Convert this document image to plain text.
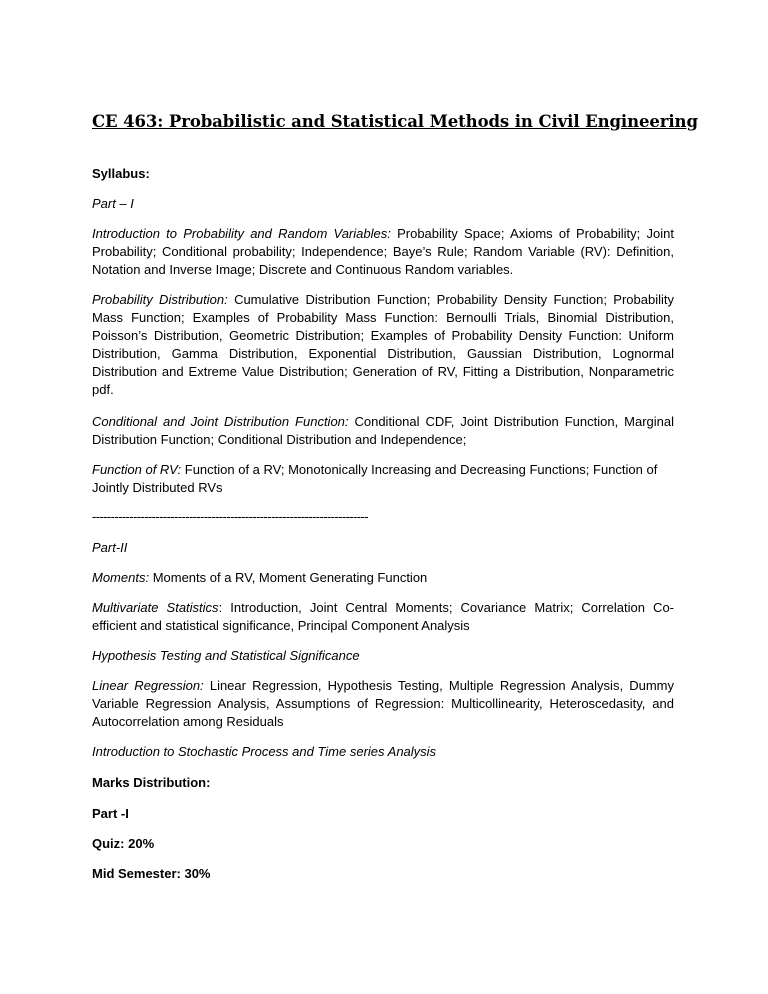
CE 463: Probabilistic and Statistical Methods in Civil Engineering

Syllabus:

Part – I

Introduction to Probability and Random Variables: Probability Space; Axioms of Probability; Joint Probability; Conditional probability; Independence; Baye’s Rule; Random Variable (RV): Definition, Notation and Inverse Image; Discrete and Continuous Random variables.

Probability Distribution: Cumulative Distribution Function; Probability Density Function; Probability Mass Function; Examples of Probability Mass Function: Bernoulli Trials, Binomial Distribution, Poisson’s Distribution, Geometric Distribution; Examples of Probability Density Function: Uniform Distribution, Gamma Distribution, Exponential Distribution, Gaussian Distribution, Lognormal Distribution and Extreme Value Distribution; Generation of RV, Fitting a Distribution, Nonparametric pdf.

Conditional and Joint Distribution Function: Conditional CDF, Joint Distribution Function, Marginal Distribution Function; Conditional Distribution and Independence;

Function of RV: Function of a RV; Monotonically Increasing and Decreasing Functions; Function of Jointly Distributed RVs

--------------------------------------------------------------------------

Part-II

Moments: Moments of a RV, Moment Generating Function

Multivariate Statistics: Introduction, Joint Central Moments; Covariance Matrix; Correlation Co-efficient and statistical significance, Principal Component Analysis

Hypothesis Testing and Statistical Significance

Linear Regression: Linear Regression, Hypothesis Testing, Multiple Regression Analysis, Dummy Variable Regression Analysis, Assumptions of Regression: Multicollinearity, Heteroscedasity, and Autocorrelation among Residuals

Introduction to Stochastic Process and Time series Analysis

Marks Distribution:

Part -I

Quiz: 20%

Mid Semester: 30%
